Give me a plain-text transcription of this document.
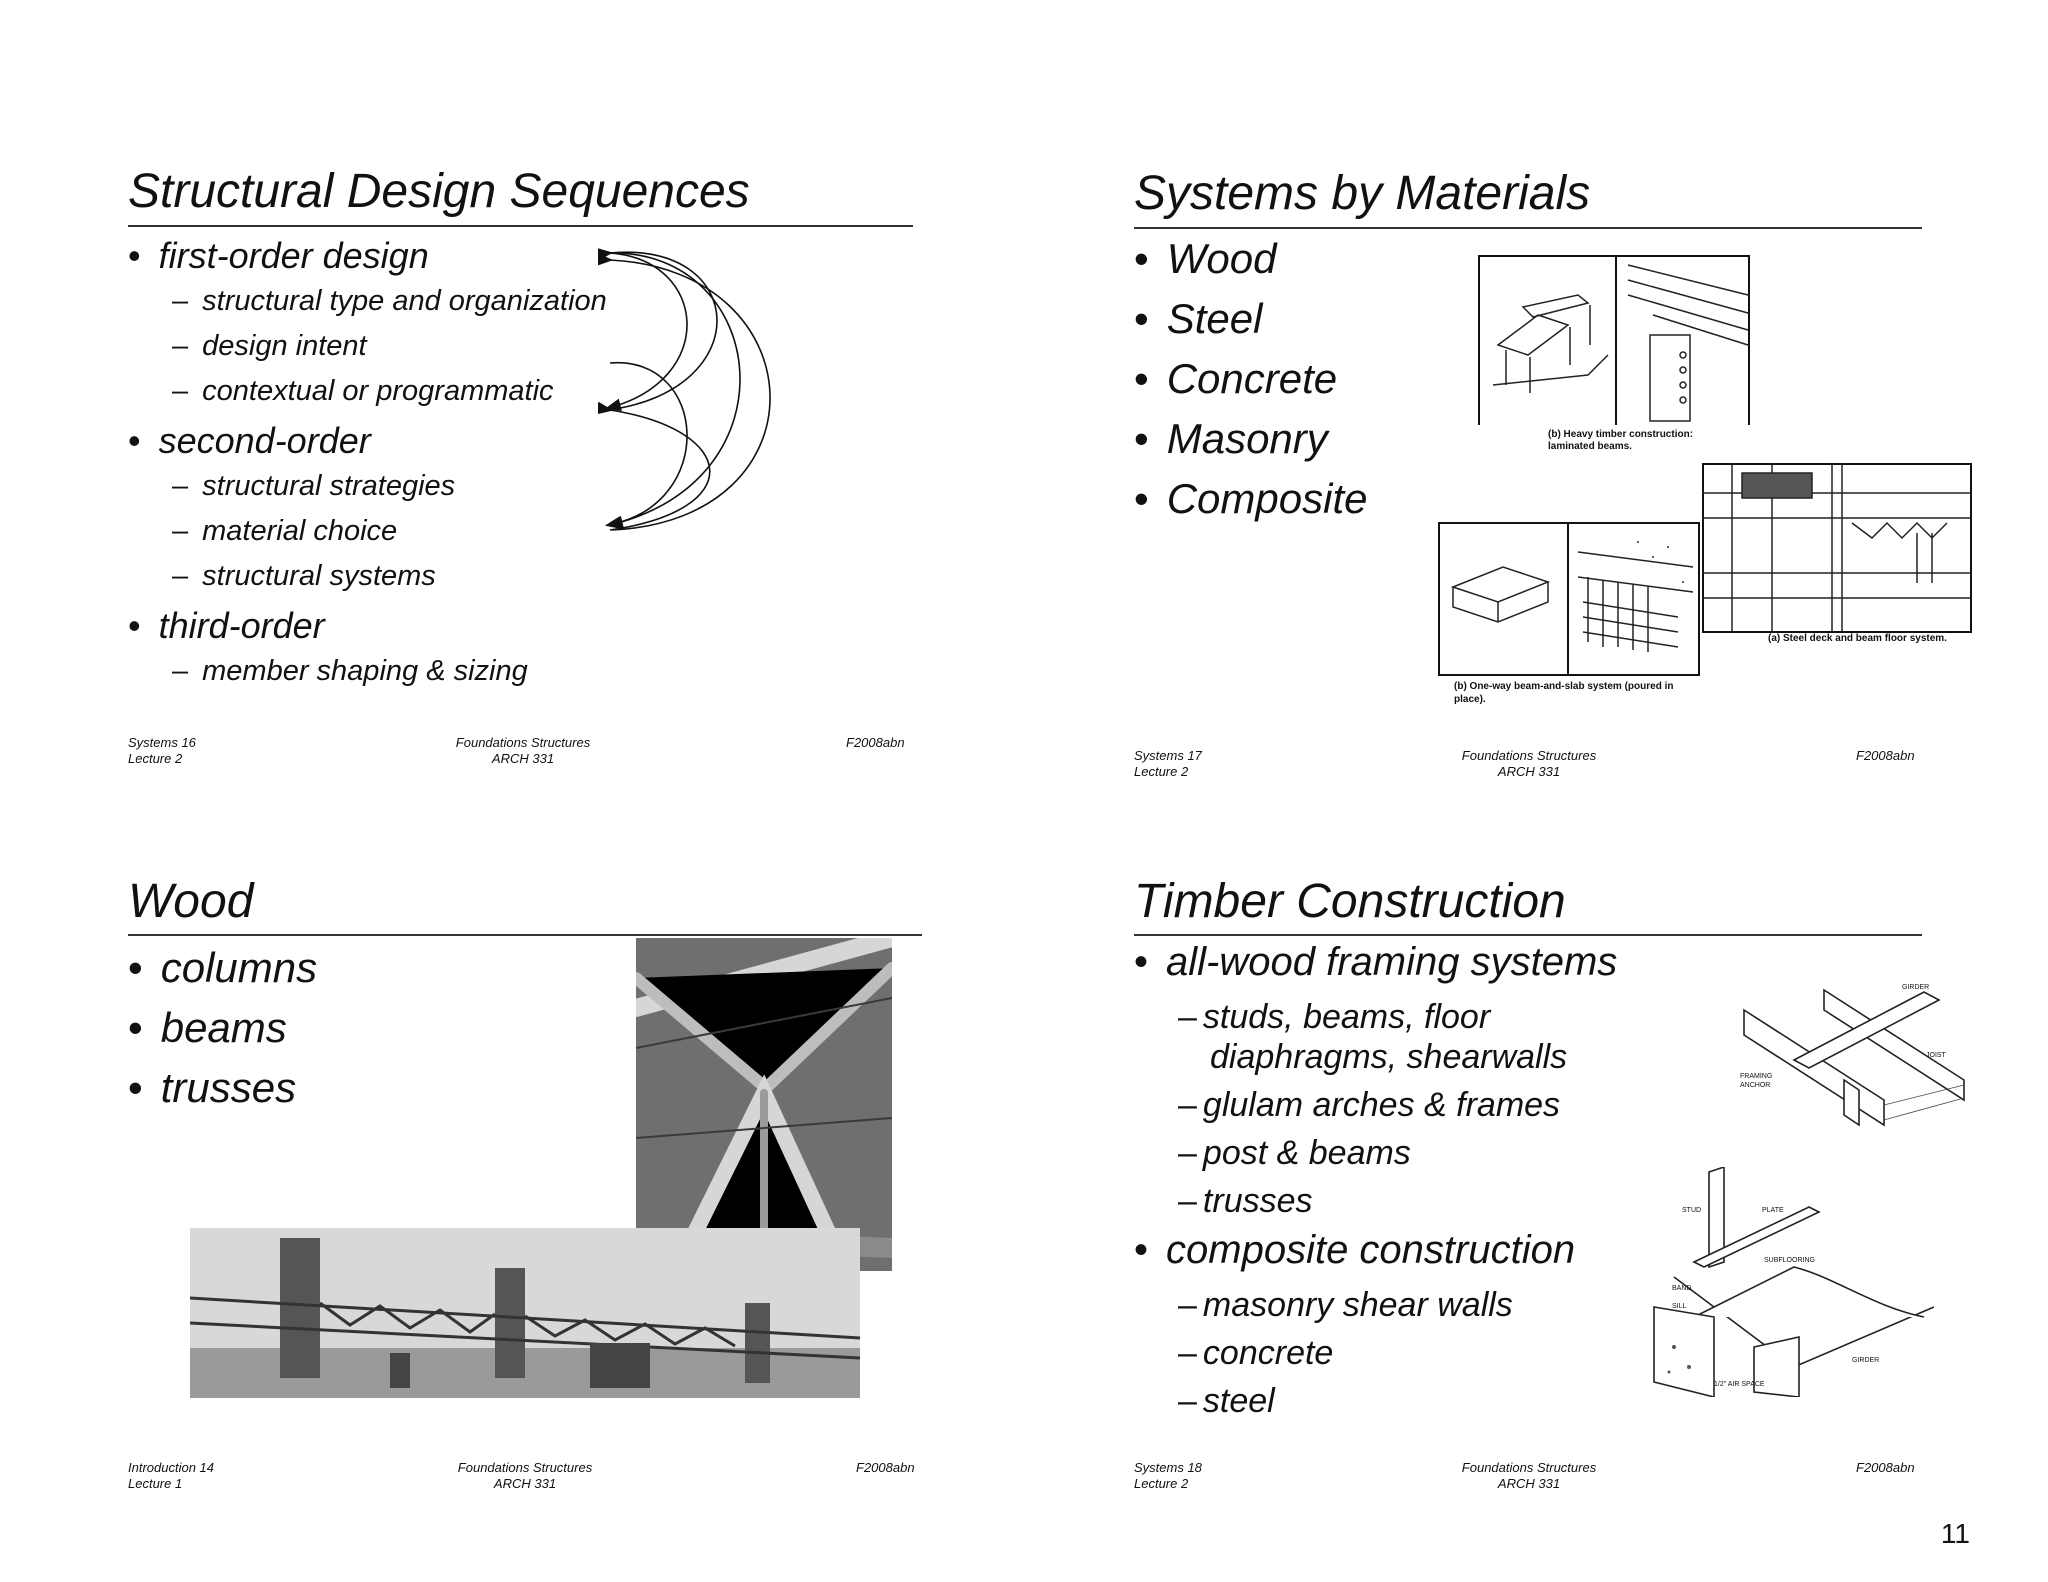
Structural Design Sequences
• first-order design
– structural type and organization
– design intent
– contextual or programmatic
• second-order
– structural strategies
– material choice
– structural systems
• third-order
– member shaping & sizing
Systems 16
Lecture 2
Foundations Structures
ARCH 331
F2008abn
Systems by Materials
• Wood
• Steel
• Concrete
• Masonry
• Composite
(b) Heavy timber construction: laminated beams.
(a) Steel deck and beam floor system.
(b) One-way beam-and-slab system (poured in place).
Systems 17
Lecture 2
Foundations Structures
ARCH 331
F2008abn
Wood
• columns
• beams
• trusses
Introduction 14
Lecture 1
Foundations Structures
ARCH 331
F2008abn
Timber Construction
• all-wood framing systems
– studs, beams, floor
diaphragms, shearwalls
– glulam arches & frames
– post & beams
– trusses
• composite construction
– masonry shear walls
– concrete
– steel
GIRDER
JOIST
FRAMING ANCHOR
STUD	PLATE
SUBFLOORING
BAND
SILL
GIRDER
1/2" AIR SPACE
Systems 18
Lecture 2
Foundations Structures
ARCH 331
F2008abn
11
